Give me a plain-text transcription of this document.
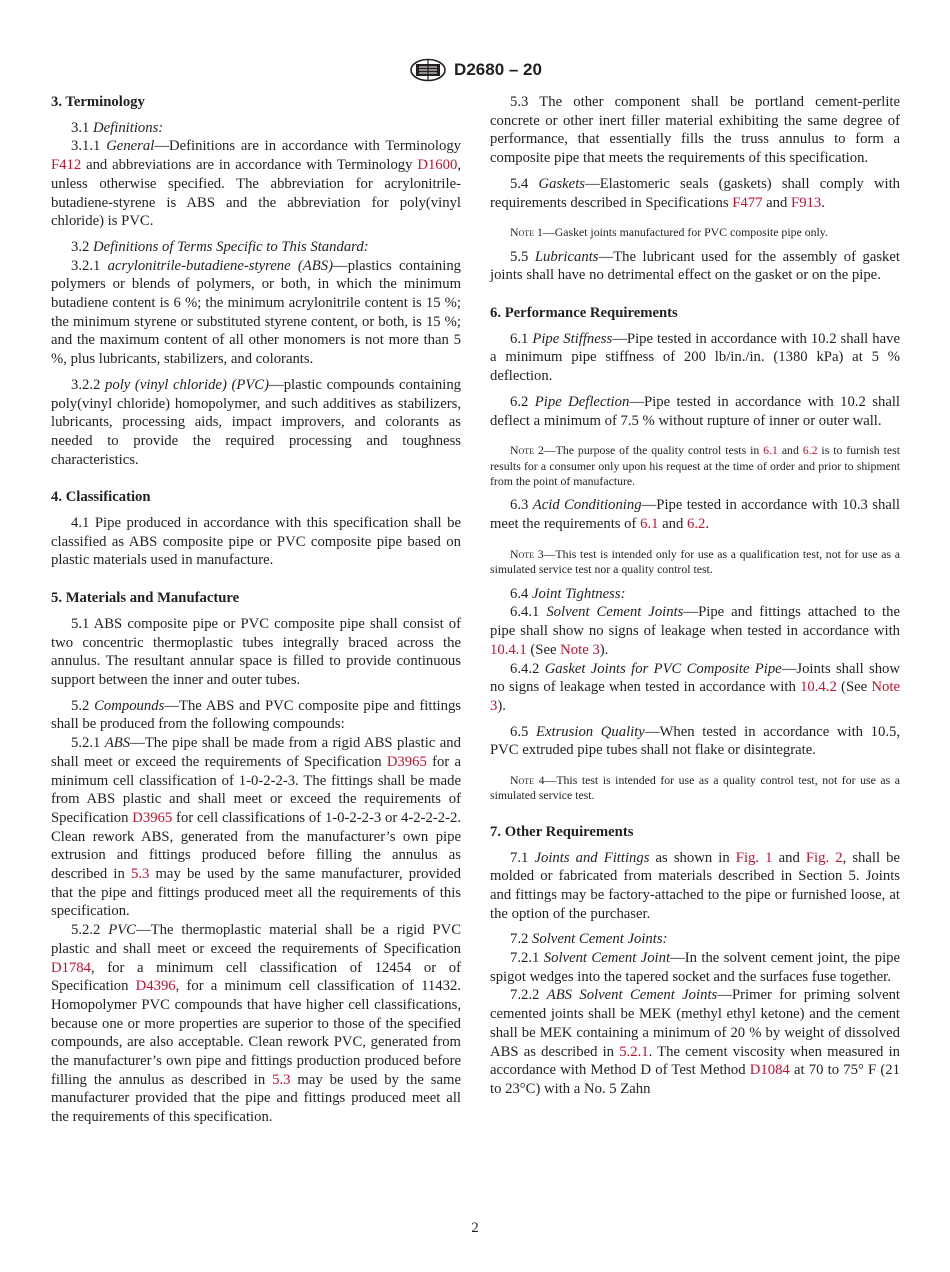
D2680 – 20
3. Terminology

3.1 Definitions:

3.1.1 General—Definitions are in accordance with Terminology F412 and abbreviations are in accordance with Terminology D1600, unless otherwise specified. The abbreviation for acrylonitrile-butadiene-styrene is ABS and the abbreviation for poly(vinyl chloride) is PVC.

3.2 Definitions of Terms Specific to This Standard:

3.2.1 acrylonitrile-butadiene-styrene (ABS)—plastics containing polymers or blends of polymers, or both, in which the minimum butadiene content is 6 %; the minimum acrylonitrile content is 15 %; the minimum styrene or substituted styrene content, or both, is 15 %; and the maximum content of all other monomers is not more than 5 %, plus lubricants, stabilizers, and colorants.

3.2.2 poly (vinyl chloride) (PVC)—plastic compounds containing poly(vinyl chloride) homopolymer, and such additives as stabilizers, lubricants, processing aids, impact improvers, and colorants as needed to provide the required processing and toughness characteristics.

4. Classification

4.1 Pipe produced in accordance with this specification shall be classified as ABS composite pipe or PVC composite pipe based on plastic materials used in manufacture.

5. Materials and Manufacture

5.1 ABS composite pipe or PVC composite pipe shall consist of two concentric thermoplastic tubes integrally braced across the annulus. The resultant annular space is filled to provide continuous support between the inner and outer tubes.

5.2 Compounds—The ABS and PVC composite pipe and fittings shall be produced from the following compounds:

5.2.1 ABS—The pipe shall be made from a rigid ABS plastic and shall meet or exceed the requirements of Specification D3965 for a minimum cell classification of 1-0-2-2-3. The fittings shall be made from ABS plastic and shall meet or exceed the requirements of Specification D3965 for cell classifications of 1-0-2-2-3 or 4-2-2-2-2. Clean rework ABS, generated from the manufacturer’s own pipe extrusion and fittings produced before filling the annulus as described in 5.3 may be used by the same manufacturer, provided that the pipe and fittings produced meet all the requirements of this specification.

5.2.2 PVC—The thermoplastic material shall be a rigid PVC plastic and shall meet or exceed the requirements of Specification D1784, for a minimum cell classification of 12454 or of Specification D4396, for a minimum cell classification of 11432. Homopolymer PVC compounds that have higher cell classifications, because one or more properties are superior to those of the specified compounds, are also acceptable. Clean rework PVC, generated from the manufacturer’s own pipe and fittings production produced before filling the annulus as described in 5.3 may be used by the same manufacturer provided that the pipe and fittings produced meet all the requirements of this specification.

5.3 The other component shall be portland cement-perlite concrete or other inert filler material exhibiting the same degree of performance, that essentially fills the truss annulus to form a composite pipe that meets the requirements of this specification.

5.4 Gaskets—Elastomeric seals (gaskets) shall comply with requirements described in Specifications F477 and F913.

Note 1—Gasket joints manufactured for PVC composite pipe only.

5.5 Lubricants—The lubricant used for the assembly of gasket joints shall have no detrimental effect on the gasket or on the pipe.

6. Performance Requirements

6.1 Pipe Stiffness—Pipe tested in accordance with 10.2 shall have a minimum pipe stiffness of 200 lb/in./in. (1380 kPa) at 5 % deflection.

6.2 Pipe Deflection—Pipe tested in accordance with 10.2 shall deflect a minimum of 7.5 % without rupture of inner or outer wall.

Note 2—The purpose of the quality control tests in 6.1 and 6.2 is to furnish test results for a consumer only upon his request at the time of order and prior to shipment from the point of manufacture.

6.3 Acid Conditioning—Pipe tested in accordance with 10.3 shall meet the requirements of 6.1 and 6.2.

Note 3—This test is intended only for use as a qualification test, not for use as a simulated service test nor a quality control test.

6.4 Joint Tightness:

6.4.1 Solvent Cement Joints—Pipe and fittings attached to the pipe shall show no signs of leakage when tested in accordance with 10.4.1 (See Note 3).

6.4.2 Gasket Joints for PVC Composite Pipe—Joints shall show no signs of leakage when tested in accordance with 10.4.2 (See Note 3).

6.5 Extrusion Quality—When tested in accordance with 10.5, PVC extruded pipe tubes shall not flake or disintegrate.

Note 4—This test is intended for use as a quality control test, not for use as a simulated service test.

7. Other Requirements

7.1 Joints and Fittings as shown in Fig. 1 and Fig. 2, shall be molded or fabricated from materials described in Section 5. Joints and fittings may be factory-attached to the pipe or furnished loose, at the option of the purchaser.

7.2 Solvent Cement Joints:

7.2.1 Solvent Cement Joint—In the solvent cement joint, the pipe spigot wedges into the tapered socket and the surfaces fuse together.

7.2.2 ABS Solvent Cement Joints—Primer for priming solvent cemented joints shall be MEK (methyl ethyl ketone) and the cement shall be MEK containing a minimum of 20 % by weight of dissolved ABS as described in 5.2.1. The cement viscosity when measured in accordance with Method D of Test Method D1084 at 70 to 75° F (21 to 23°C) with a No. 5 Zahn

2
